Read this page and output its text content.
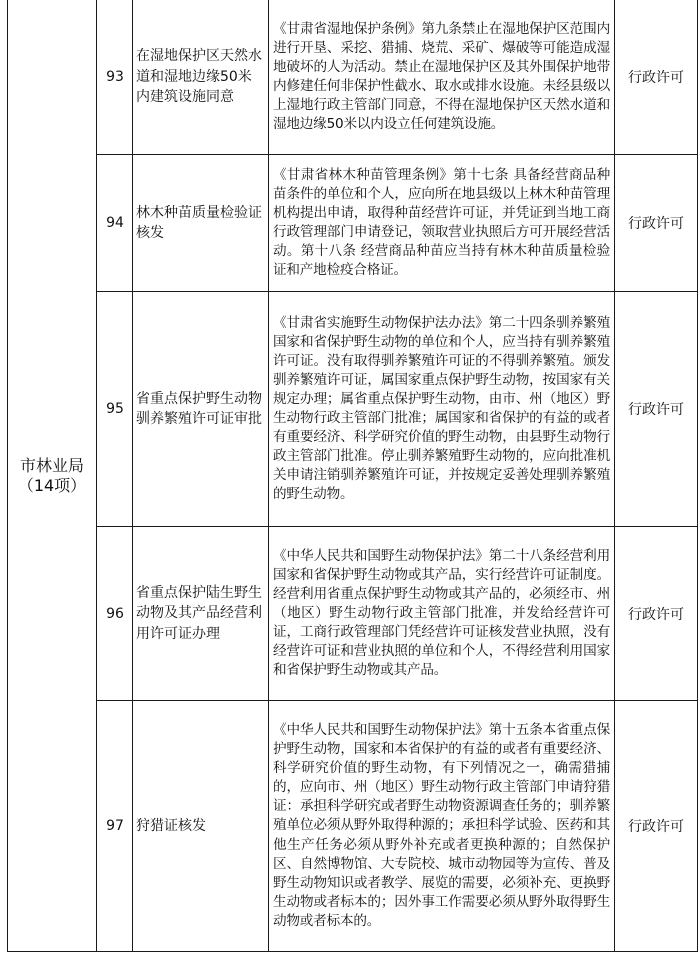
市林业局
（14项）
93
在湿地保护区天然水道和湿地边缘50米内建筑设施同意
《甘肃省湿地保护条例》第九条禁止在湿地保护区范围内进行开垦、采挖、猎捕、烧荒、采矿、爆破等可能造成湿地破坏的人为活动。禁止在湿地保护区及其外围保护地带内修建任何非保护性截水、取水或排水设施。未经县级以上湿地行政主管部门同意，不得在湿地保护区天然水道和湿地边缘50米以内设立任何建筑设施。
行政许可
94
林木种苗质量检验证核发
《甘肃省林木种苗管理条例》第十七条 具备经营商品种苗条件的单位和个人，应向所在地县级以上林木种苗管理机构提出申请，取得种苗经营许可证，并凭证到当地工商行政管理部门申请登记，领取营业执照后方可开展经营活动。第十八条 经营商品种苗应当持有林木种苗质量检验证和产地检疫合格证。
行政许可
95
省重点保护野生动物驯养繁殖许可证审批
《甘肃省实施野生动物保护法办法》第二十四条驯养繁殖国家和省保护野生动物的单位和个人，应当持有驯养繁殖许可证。没有取得驯养繁殖许可证的不得驯养繁殖。颁发驯养繁殖许可证，属国家重点保护野生动物，按国家有关规定办理；属省重点保护野生动物，由市、州（地区）野生动物行政主管部门批准；属国家和省保护的有益的或者有重要经济、科学研究价值的野生动物，由县野生动物行政主管部门批准。停止驯养繁殖野生动物的，应向批准机关申请注销驯养繁殖许可证，并按规定妥善处理驯养繁殖的野生动物。
行政许可
96
省重点保护陆生野生动物及其产品经营利用许可证办理
《中华人民共和国野生动物保护法》第二十八条经营利用国家和省保护野生动物或其产品，实行经营许可证制度。经营利用省重点保护野生动物或其产品的，必须经市、州（地区）野生动物行政主管部门批准，并发给经营许可证，工商行政管理部门凭经营许可证核发营业执照，没有经营许可证和营业执照的单位和个人，不得经营利用国家和省保护野生动物或其产品。
行政许可
97 狩猎证核发
《中华人民共和国野生动物保护法》第十五条本省重点保护野生动物，国家和本省保护的有益的或者有重要经济、科学研究价值的野生动物，有下列情况之一，确需猎捕的，应向市、州（地区）野生动物行政主管部门申请狩猎证：承担科学研究或者野生动物资源调查任务的；驯养繁殖单位必须从野外取得种源的；承担科学试验、医药和其他生产任务必须从野外补充或者更换种源的；自然保护区、自然博物馆、大专院校、城市动物园等为宣传、普及野生动物知识或者教学、展览的需要，必须补充、更换野生动物或者标本的；因外事工作需要必须从野外取得野生动物或者标本的。
行政许可
